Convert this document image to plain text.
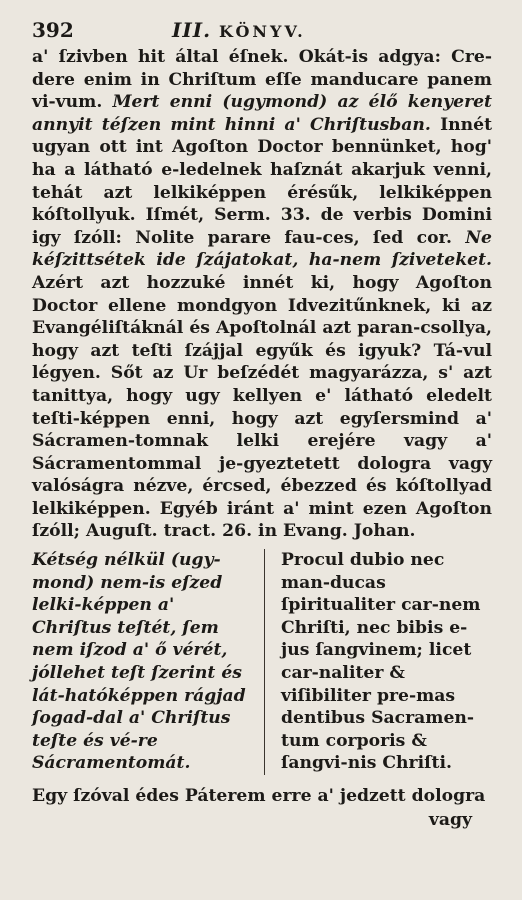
392	III. KÖNYV.

a' ſzivben hit által éſnek. Okát-is adgya: Cre-dere enim in Chriſtum eſſe manducare panem vi-vum. Mert enni (ugymond) az élő kenyeret annyit téſzen mint hinni a' Chriſtusban. Innét ugyan ott int Agoſton Doctor bennünket, hog' ha a látható e-ledelnek haſznát akarjuk venni, tehát azt lelkiképpen érésűk, lelkiképpen kóſtollyuk. Iſmét, Serm. 33. de verbis Domini igy ſzóll: Nolite parare fau-ces, ſed cor. Ne kéſzittsétek ide ſzájatokat, ha-nem ſziveteket. Azért azt hozzuké innét ki, hogy Agoſton Doctor ellene mondgyon Idvezitűnknek, ki az Evangéliſtáknál és Apoſtolnál azt paran-csollya, hogy azt teſti ſzájjal egyűk és igyuk? Tá-vul légyen. Sőt az Ur beſzédét magyarázza, s' azt tanittya, hogy ugy kellyen e' látható eledelt teſti-képpen enni, hogy azt egyſersmind a' Sácramen-tomnak lelki erejére vagy a' Sácramentommal je-gyeztetett dologra vagy valóságra nézve, ércsed, ébezzed és kóſtollyad lelkiképpen. Egyéb iránt a' mint ezen Agoſton ſzóll; Auguſt. tract. 26. in Evang. Johan.

Kétség nélkül (ugy-mond) nem-is eſzed lelki-képpen a' Chriſtus teſtét, ſem nem iſzod a' ő vérét, jóllehet teſt ſzerint és lát-hatóképpen rágjad ſogad-dal a' Chriſtus teſte és vé-re Sácramentomát.

Procul dubio nec man-ducas ſpiritualiter car-nem Chriſti, nec bibis e-jus ſangvinem; licet car-naliter & viſibiliter pre-mas dentibus Sacramen-tum corporis & ſangvi-nis Chriſti.

Egy ſzóval édes Páterem erre a' jedzett dologra
vagy
